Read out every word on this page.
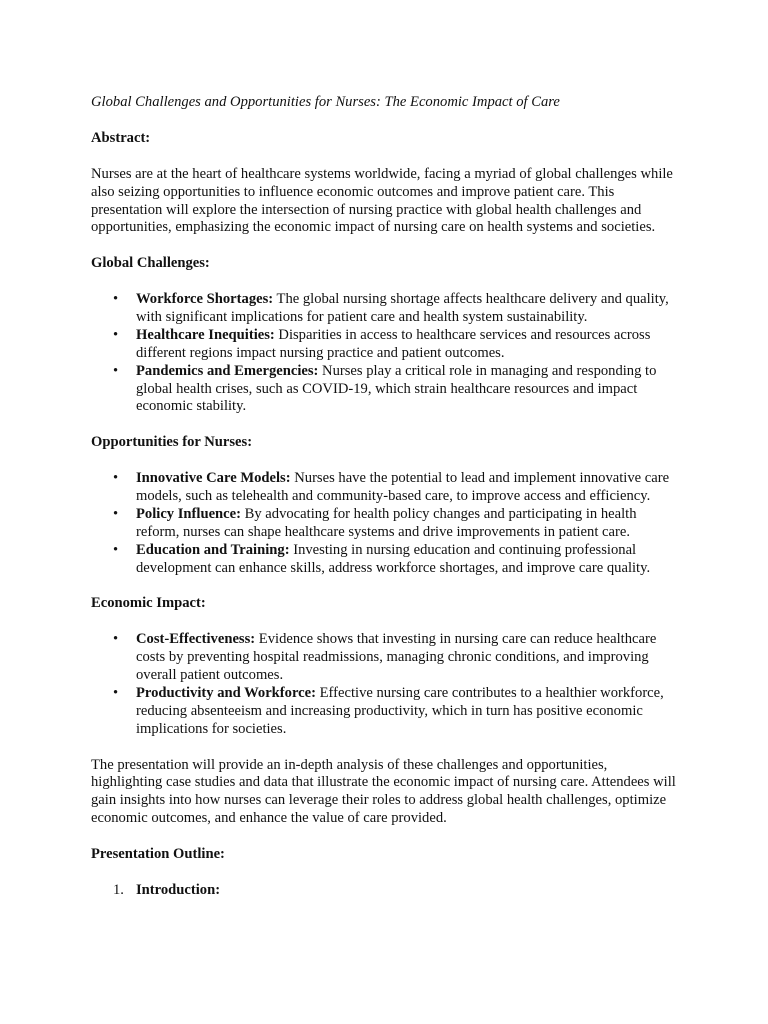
Global Challenges and Opportunities for Nurses: The Economic Impact of Care

Abstract:

Nurses are at the heart of healthcare systems worldwide, facing a myriad of global challenges while also seizing opportunities to influence economic outcomes and improve patient care. This presentation will explore the intersection of nursing practice with global health challenges and opportunities, emphasizing the economic impact of nursing care on health systems and societies.

Global Challenges:

• Workforce Shortages: The global nursing shortage affects healthcare delivery and quality, with significant implications for patient care and health system sustainability.
• Healthcare Inequities: Disparities in access to healthcare services and resources across different regions impact nursing practice and patient outcomes.
• Pandemics and Emergencies: Nurses play a critical role in managing and responding to global health crises, such as COVID-19, which strain healthcare resources and impact economic stability.

Opportunities for Nurses:

• Innovative Care Models: Nurses have the potential to lead and implement innovative care models, such as telehealth and community-based care, to improve access and efficiency.
• Policy Influence: By advocating for health policy changes and participating in health reform, nurses can shape healthcare systems and drive improvements in patient care.
• Education and Training: Investing in nursing education and continuing professional development can enhance skills, address workforce shortages, and improve care quality.

Economic Impact:

• Cost-Effectiveness: Evidence shows that investing in nursing care can reduce healthcare costs by preventing hospital readmissions, managing chronic conditions, and improving overall patient outcomes.
• Productivity and Workforce: Effective nursing care contributes to a healthier workforce, reducing absenteeism and increasing productivity, which in turn has positive economic implications for societies.

The presentation will provide an in-depth analysis of these challenges and opportunities, highlighting case studies and data that illustrate the economic impact of nursing care. Attendees will gain insights into how nurses can leverage their roles to address global health challenges, optimize economic outcomes, and enhance the value of care provided.

Presentation Outline:

1. Introduction:
